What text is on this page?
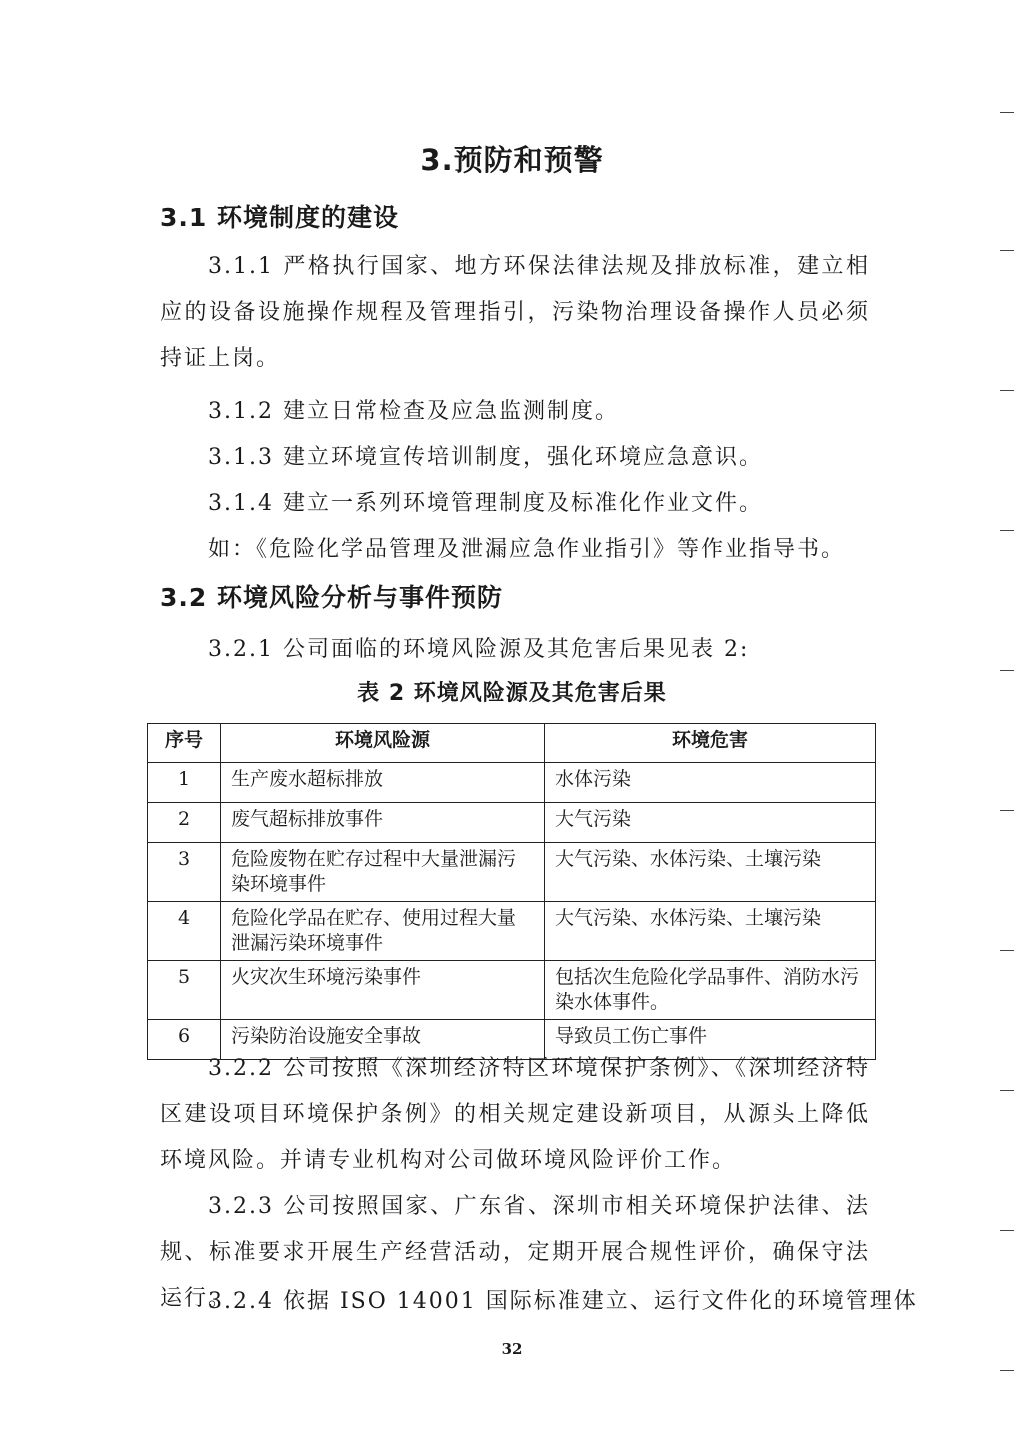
3.预防和预警
3.1 环境制度的建设
3.1.1 严格执行国家、地方环保法律法规及排放标准，建立相应的设备设施操作规程及管理指引，污染物治理设备操作人员必须持证上岗。
3.1.2 建立日常检查及应急监测制度。
3.1.3 建立环境宣传培训制度，强化环境应急意识。
3.1.4 建立一系列环境管理制度及标准化作业文件。
如：《危险化学品管理及泄漏应急作业指引》等作业指导书。
3.2 环境风险分析与事件预防
3.2.1 公司面临的环境风险源及其危害后果见表 2:
表 2 环境风险源及其危害后果
序号	环境风险源	环境危害
1	生产废水超标排放	水体污染
2	废气超标排放事件	大气污染
3	危险废物在贮存过程中大量泄漏污染环境事件	大气污染、水体污染、土壤污染
4	危险化学品在贮存、使用过程大量泄漏污染环境事件	大气污染、水体污染、土壤污染
5	火灾次生环境污染事件	包括次生危险化学品事件、消防水污染水体事件。
6	污染防治设施安全事故	导致员工伤亡事件
3.2.2 公司按照《深圳经济特区环境保护条例》、《深圳经济特区建设项目环境保护条例》的相关规定建设新项目，从源头上降低环境风险。并请专业机构对公司做环境风险评价工作。
3.2.3 公司按照国家、广东省、深圳市相关环境保护法律、法规、标准要求开展生产经营活动，定期开展合规性评价，确保守法运行。
3.2.4 依据 ISO 14001 国际标准建立、运行文件化的环境管理体
32
